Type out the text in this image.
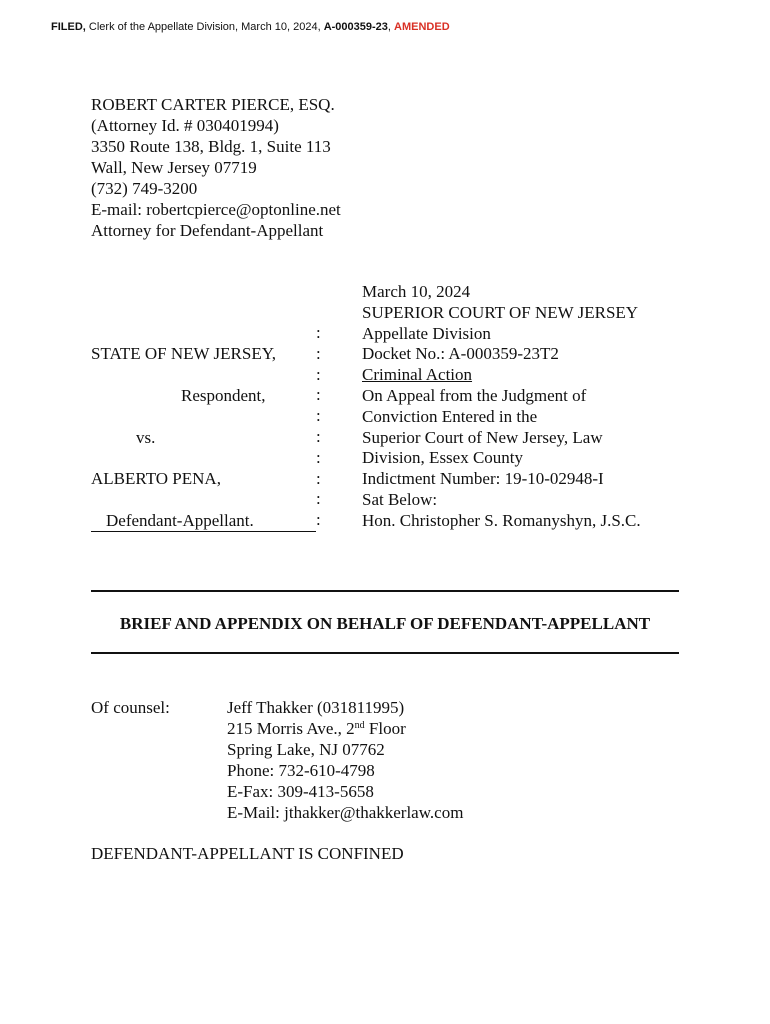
FILED, Clerk of the Appellate Division, March 10, 2024, A-000359-23, AMENDED
ROBERT CARTER PIERCE, ESQ.
(Attorney Id. # 030401994)
3350 Route 138, Bldg. 1, Suite 113
Wall, New Jersey 07719
(732) 749-3200
E-mail: robertcpierce@optonline.net
Attorney for Defendant-Appellant
March 10, 2024
SUPERIOR COURT OF NEW JERSEY
Appellate Division
Docket No.: A-000359-23T2
Criminal Action
On Appeal from the Judgment of
Conviction Entered in the
Superior Court of New Jersey, Law
Division, Essex County
Indictment Number: 19-10-02948-I
Sat Below:
Hon. Christopher S. Romanyshyn, J.S.C.
:
:
:
:
:
:
:
:
:
:
STATE OF NEW JERSEY,
Respondent,
vs.
ALBERTO PENA,
Defendant-Appellant.
BRIEF AND APPENDIX ON BEHALF OF DEFENDANT-APPELLANT
Of counsel:	Jeff Thakker (031811995)
215 Morris Ave., 2nd Floor
Spring Lake, NJ 07762
Phone: 732-610-4798
E-Fax: 309-413-5658
E-Mail: jthakker@thakkerlaw.com
DEFENDANT-APPELLANT IS CONFINED
